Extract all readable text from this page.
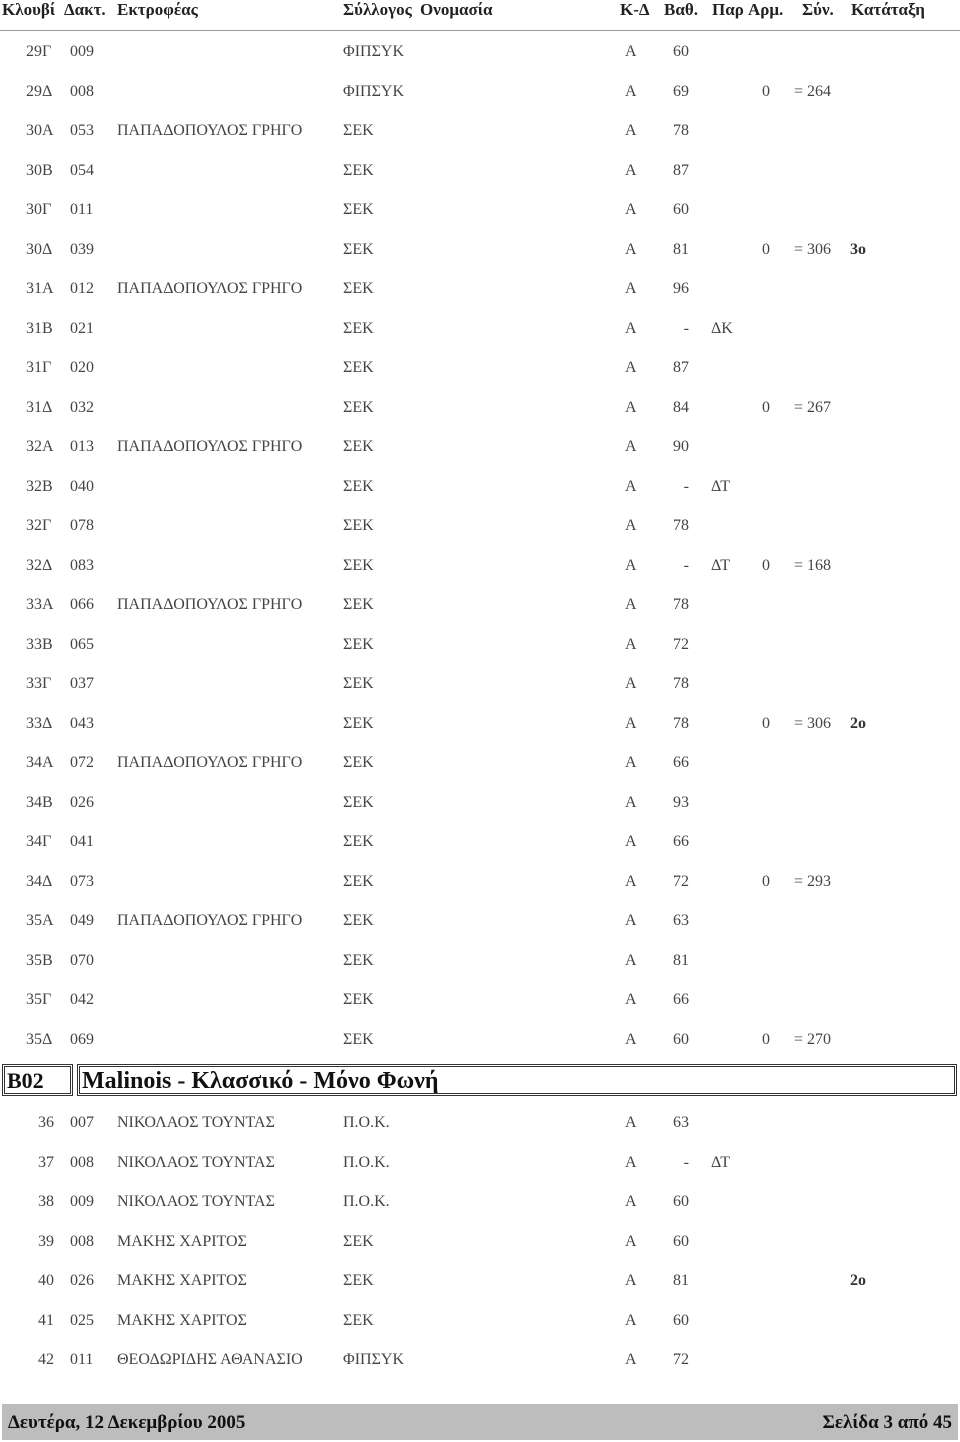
Κλουβί Δακτ. Εκτροφέας	Σύλλογος Ονομασία	Κ-Δ Βαθ. Παρ Αρμ. Σύν. Κατάταξη
29Γ 009	ΦΙΠΣΥΚ	Α	60
29Δ 008	ΦΙΠΣΥΚ	Α	69	0 = 264
30Α 053 ΠΑΠΑΔΟΠΟΥΛΟΣ ΓΡΗΓΟ	ΣΕΚ	Α	78
30Β 054	ΣΕΚ	Α	87
30Γ 011	ΣΕΚ	Α	60
30Δ 039	ΣΕΚ	Α	81	0 = 306 3ο
31Α 012 ΠΑΠΑΔΟΠΟΥΛΟΣ ΓΡΗΓΟ	ΣΕΚ	Α	96
31Β 021	ΣΕΚ	Α	- ΔΚ
31Γ 020	ΣΕΚ	Α	87
31Δ 032	ΣΕΚ	Α	84	0 = 267
32Α 013 ΠΑΠΑΔΟΠΟΥΛΟΣ ΓΡΗΓΟ	ΣΕΚ	Α	90
32Β 040	ΣΕΚ	Α	- ΔΤ
32Γ 078	ΣΕΚ	Α	78
32Δ 083	ΣΕΚ	Α	- ΔΤ 0 = 168
33Α 066 ΠΑΠΑΔΟΠΟΥΛΟΣ ΓΡΗΓΟ	ΣΕΚ	Α	78
33Β 065	ΣΕΚ	Α	72
33Γ 037	ΣΕΚ	Α	78
33Δ 043	ΣΕΚ	Α	78	0 = 306 2ο
34Α 072 ΠΑΠΑΔΟΠΟΥΛΟΣ ΓΡΗΓΟ	ΣΕΚ	Α	66
34Β 026	ΣΕΚ	Α	93
34Γ 041	ΣΕΚ	Α	66
34Δ 073	ΣΕΚ	Α	72	0 = 293
35Α 049 ΠΑΠΑΔΟΠΟΥΛΟΣ ΓΡΗΓΟ	ΣΕΚ	Α	63
35Β 070	ΣΕΚ	Α	81
35Γ 042	ΣΕΚ	Α	66
35Δ 069	ΣΕΚ	Α	60	0 = 270
B02	Malinois - Κλασσικό - Μόνο Φωνή
36 007 ΝΙΚΟΛΑΟΣ ΤΟΥΝΤΑΣ	Π.Ο.Κ.	Α	63
37 008 ΝΙΚΟΛΑΟΣ ΤΟΥΝΤΑΣ	Π.Ο.Κ.	Α	- ΔΤ
38 009 ΝΙΚΟΛΑΟΣ ΤΟΥΝΤΑΣ	Π.Ο.Κ.	Α	60
39 008 ΜΑΚΗΣ ΧΑΡΙΤΟΣ	ΣΕΚ	Α	60
40 026 ΜΑΚΗΣ ΧΑΡΙΤΟΣ	ΣΕΚ	Α	81	2ο
41 025 ΜΑΚΗΣ ΧΑΡΙΤΟΣ	ΣΕΚ	Α	60
42 011 ΘΕΟΔΩΡΙΔΗΣ ΑΘΑΝΑΣΙΟ	ΦΙΠΣΥΚ	Α	72
Δευτέρα, 12 Δεκεμβρίου 2005	Σελίδα 3 από 45
